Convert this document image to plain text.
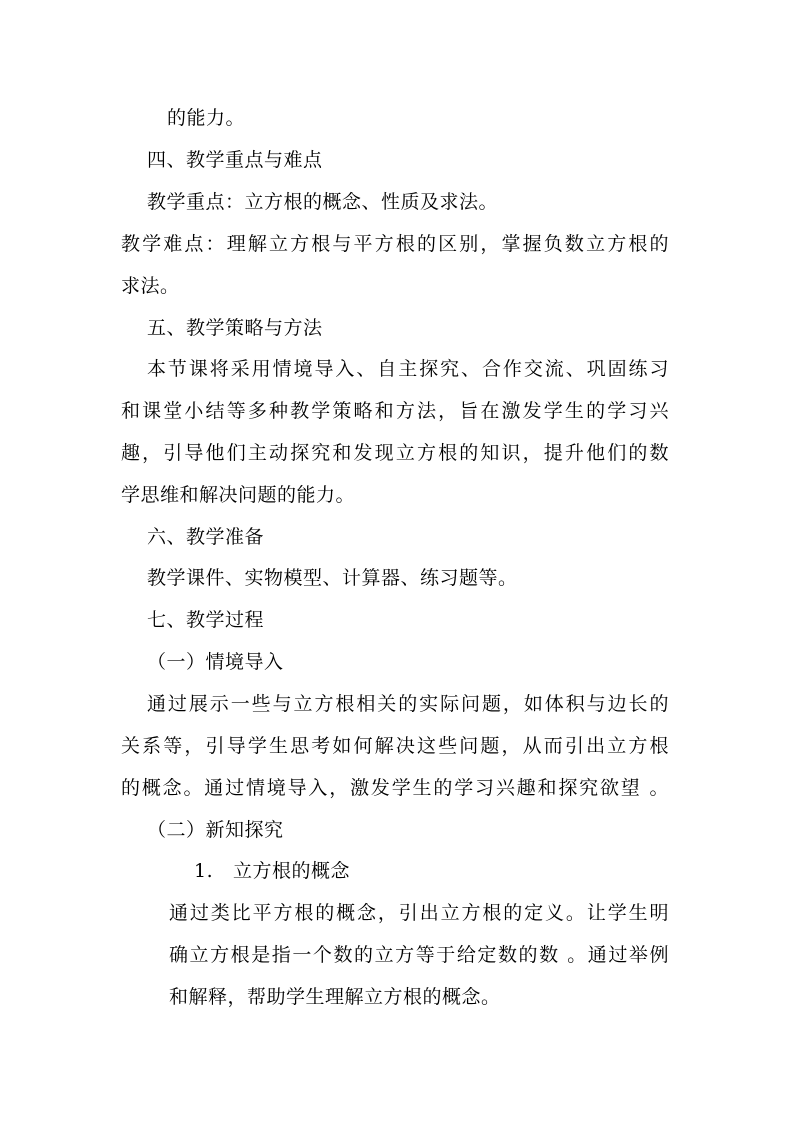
的能力。
四、教学重点与难点
教学重点：立方根的概念、性质及求法。
教学难点：理解立方根与平方根的区别，掌握负数立方根的
求法。
五、教学策略与方法
本节课将采用情境导入、自主探究、合作交流、巩固练习
和课堂小结等多种教学策略和方法，旨在激发学生的学习兴
趣，引导他们主动探究和发现立方根的知识，提升他们的数
学思维和解决问题的能力。
六、教学准备
教学课件、实物模型、计算器、练习题等。
七、教学过程
（一）情境导入
通过展示一些与立方根相关的实际问题，如体积与边长的
关系等，引导学生思考如何解决这些问题，从而引出立方根
的概念。通过情境导入，激发学生的学习兴趣和探究欲望 。
（二）新知探究
1. 立方根的概念
通过类比平方根的概念，引出立方根的定义。让学生明
确立方根是指一个数的立方等于给定数的数 。通过举例
和解释，帮助学生理解立方根的概念。
